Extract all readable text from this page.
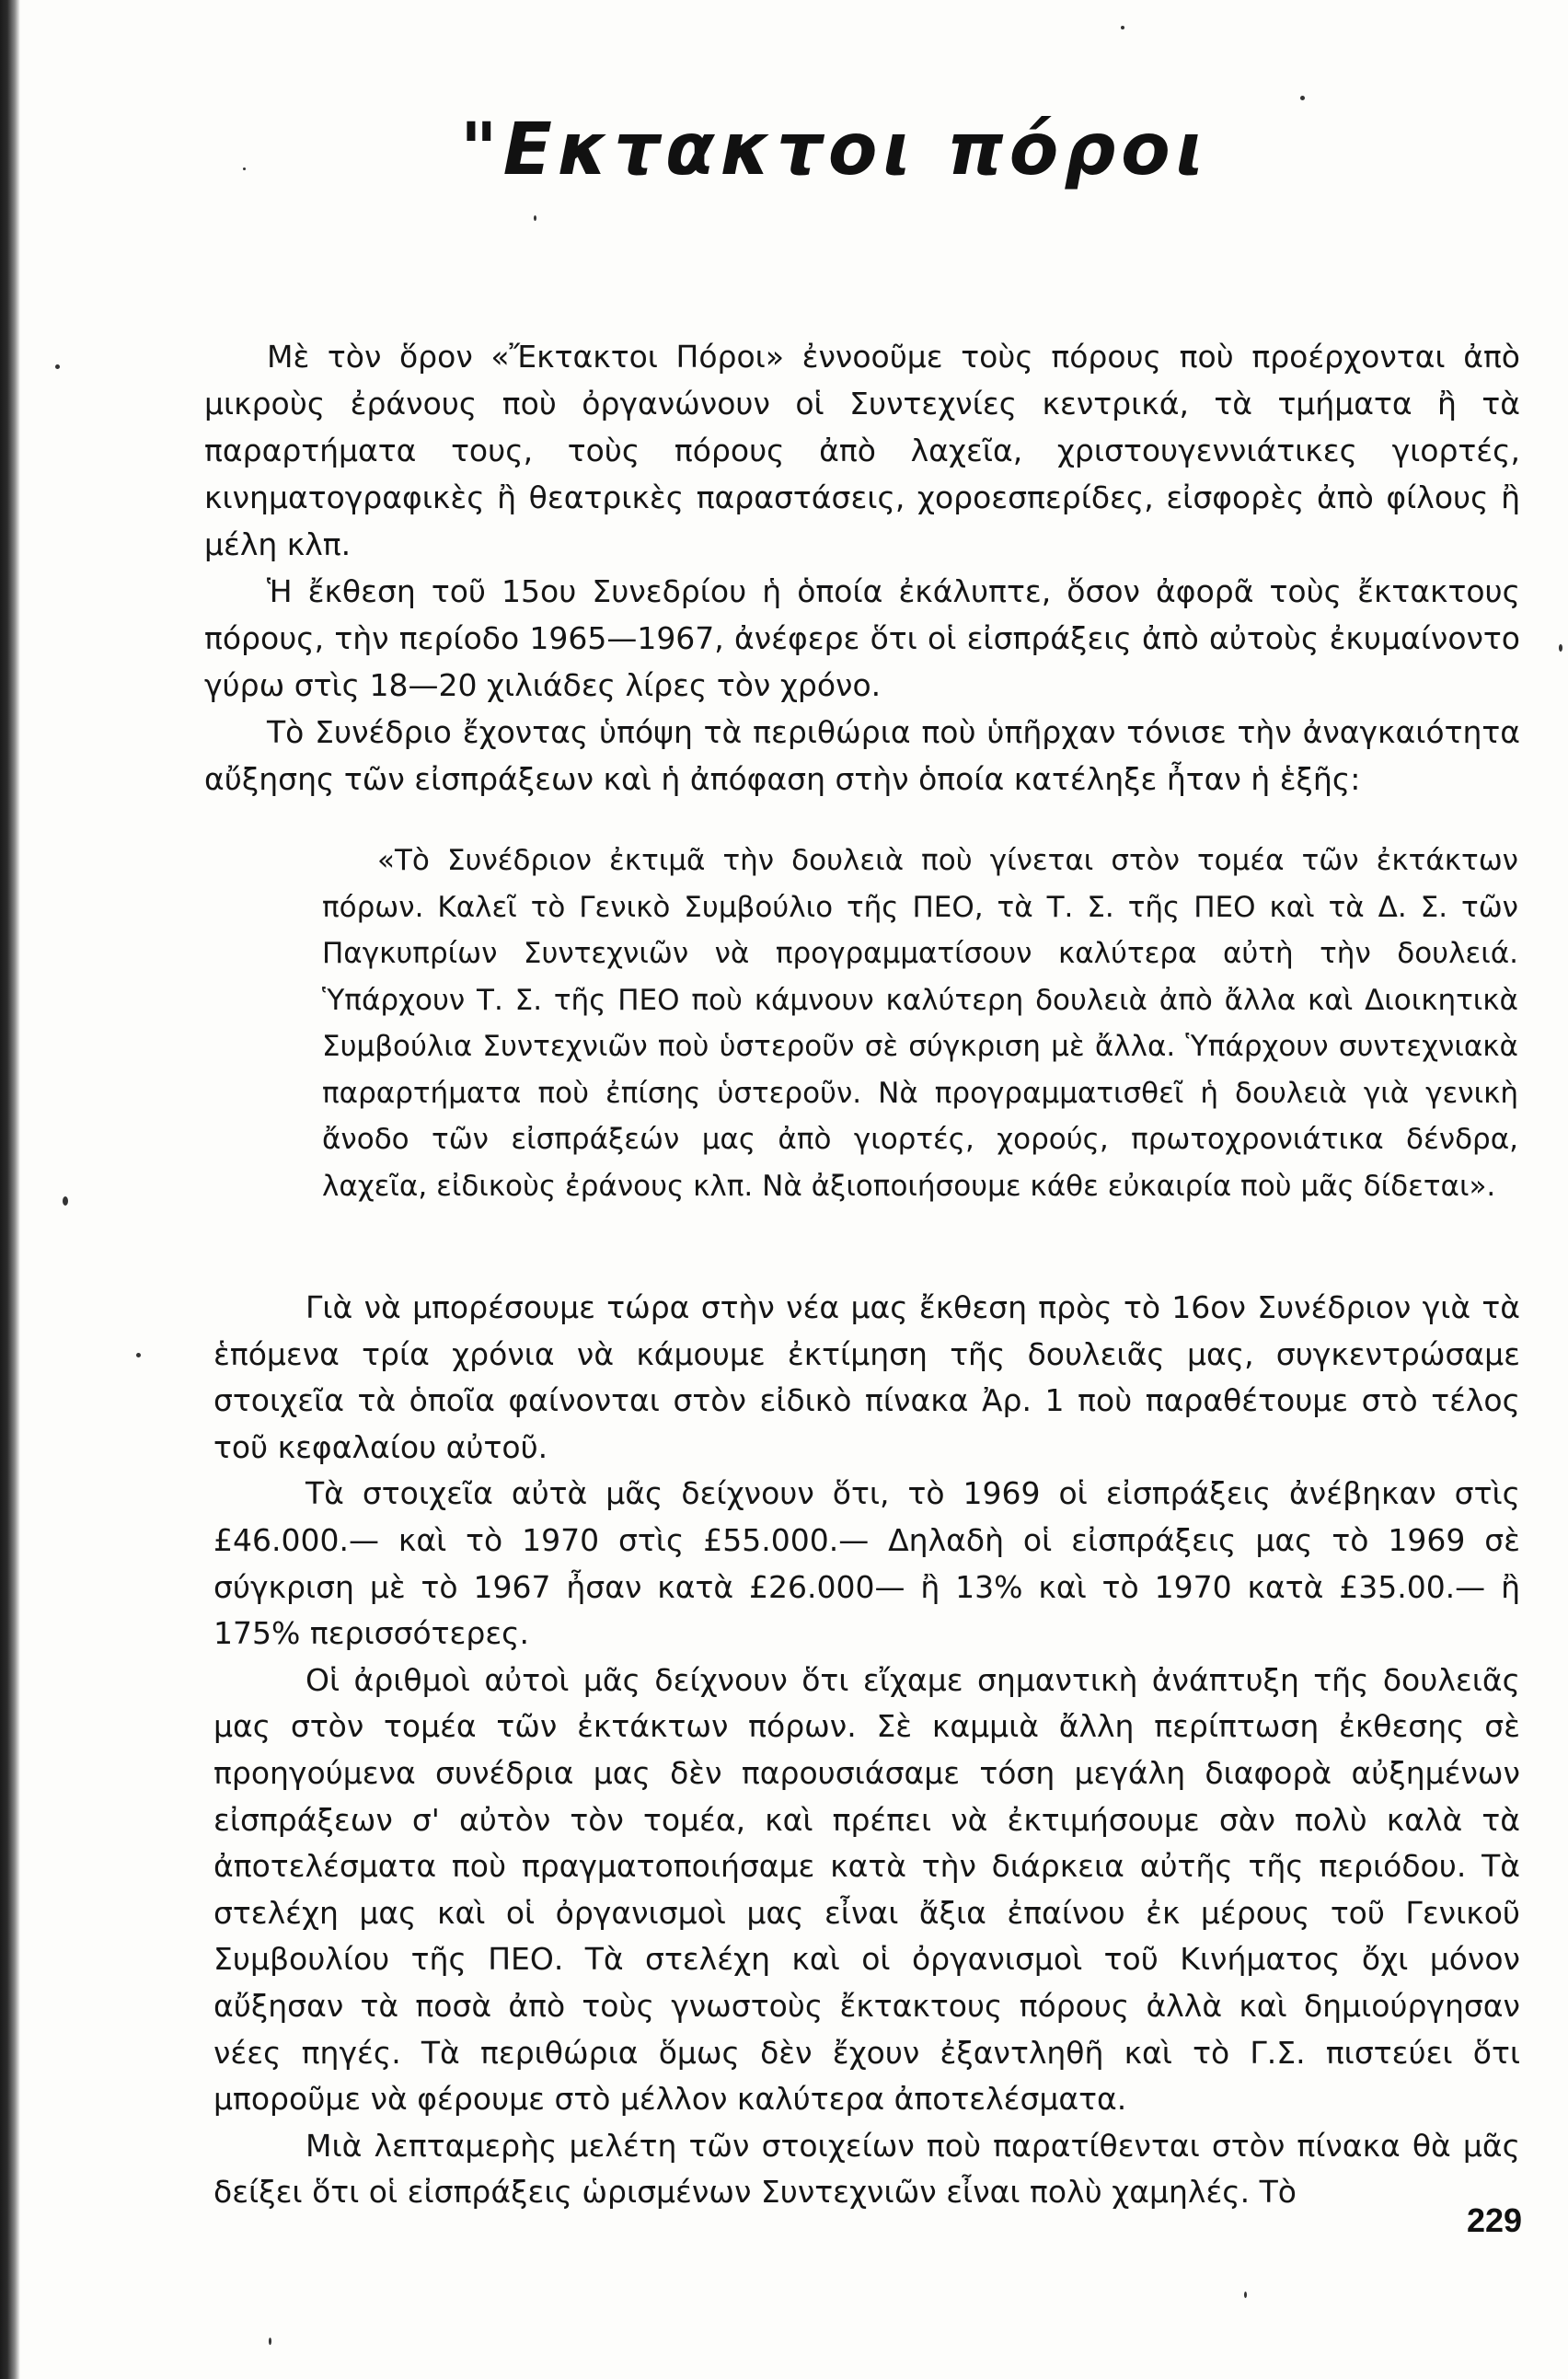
"Εκτακτοι πόροι

Μὲ τὸν ὅρον «Ἔκτακτοι Πόροι» ἐννοοῦμε τοὺς πόρους ποὺ προέρχονται ἀπὸ μικροὺς ἐράνους ποὺ ὀργανώνουν οἱ Συντεχνίες κεντρικά, τὰ τμήματα ἢ τὰ παραρτήματα τους, τοὺς πόρους ἀπὸ λαχεῖα, χριστουγεννιάτικες γιορτές, κινηματογραφικὲς ἢ θεατρικὲς παραστάσεις, χοροεσπερίδες, εἰσφορὲς ἀπὸ φίλους ἢ μέλη κλπ.

Ἡ ἔκθεση τοῦ 15ου Συνεδρίου ἡ ὁποία ἐκάλυπτε, ὅσον ἀφορᾶ τοὺς ἔκτακτους πόρους, τὴν περίοδο 1965—1967, ἀνέφερε ὅτι οἱ εἰσπράξεις ἀπὸ αὐτοὺς ἐκυμαίνοντο γύρω στὶς 18—20 χιλιάδες λίρες τὸν χρόνο.

Τὸ Συνέδριο ἔχοντας ὑπόψη τὰ περιθώρια ποὺ ὑπῆρχαν τόνισε τὴν ἀναγκαιότητα αὔξησης τῶν εἰσπράξεων καὶ ἡ ἀπόφαση στὴν ὁποία κατέληξε ἦταν ἡ ἑξῆς:

«Τὸ Συνέδριον ἐκτιμᾶ τὴν δουλειὰ ποὺ γίνεται στὸν τομέα τῶν ἐκτάκτων πόρων. Καλεῖ τὸ Γενικὸ Συμβούλιο τῆς ΠΕΟ, τὰ Τ. Σ. τῆς ΠΕΟ καὶ τὰ Δ. Σ. τῶν Παγκυπρίων Συντεχνιῶν νὰ προγραμματίσουν καλύτερα αὐτὴ τὴν δουλειά. Ὑπάρχουν Τ. Σ. τῆς ΠΕΟ ποὺ κάμνουν καλύτερη δουλειὰ ἀπὸ ἄλλα καὶ Διοικητικὰ Συμβούλια Συντεχνιῶν ποὺ ὑστεροῦν σὲ σύγκριση μὲ ἄλλα. Ὑπάρχουν συντεχνιακὰ παραρτήματα ποὺ ἐπίσης ὑστεροῦν. Νὰ προγραμματισθεῖ ἡ δουλειὰ γιὰ γενικὴ ἄνοδο τῶν εἰσπράξεών μας ἀπὸ γιορτές, χορούς, πρωτοχρονιάτικα δένδρα, λαχεῖα, εἰδικοὺς ἐράνους κλπ. Νὰ ἀξιοποιήσουμε κάθε εὐκαιρία ποὺ μᾶς δίδεται».

Γιὰ νὰ μπορέσουμε τώρα στὴν νέα μας ἔκθεση πρὸς τὸ 16ον Συνέδριον γιὰ τὰ ἑπόμενα τρία χρόνια νὰ κάμουμε ἐκτίμηση τῆς δουλειᾶς μας, συγκεντρώσαμε στοιχεῖα τὰ ὁποῖα φαίνονται στὸν εἰδικὸ πίνακα Ἀρ. 1 ποὺ παραθέτουμε στὸ τέλος τοῦ κεφαλαίου αὐτοῦ.

Τὰ στοιχεῖα αὐτὰ μᾶς δείχνουν ὅτι, τὸ 1969 οἱ εἰσπράξεις ἀνέβηκαν στὶς £46.000.— καὶ τὸ 1970 στὶς £55.000.— Δηλαδὴ οἱ εἰσπράξεις μας τὸ 1969 σὲ σύγκριση μὲ τὸ 1967 ἦσαν κατὰ £26.000— ἢ 13% καὶ τὸ 1970 κατὰ £35.00.— ἢ 175% περισσότερες.

Οἱ ἀριθμοὶ αὐτοὶ μᾶς δείχνουν ὅτι εἴχαμε σημαντικὴ ἀνάπτυξη τῆς δουλειᾶς μας στὸν τομέα τῶν ἐκτάκτων πόρων. Σὲ καμμιὰ ἄλλη περίπτωση ἐκθεσης σὲ προηγούμενα συνέδρια μας δὲν παρουσιάσαμε τόση μεγάλη διαφορὰ αὐξημένων εἰσπράξεων σ' αὐτὸν τὸν τομέα, καὶ πρέπει νὰ ἐκτιμήσουμε σὰν πολὺ καλὰ τὰ ἀποτελέσματα ποὺ πραγματοποιήσαμε κατὰ τὴν διάρκεια αὐτῆς τῆς περιόδου. Τὰ στελέχη μας καὶ οἱ ὀργανισμοὶ μας εἶναι ἄξια ἐπαίνου ἐκ μέρους τοῦ Γενικοῦ Συμβουλίου τῆς ΠΕΟ. Τὰ στελέχη καὶ οἱ ὀργανισμοὶ τοῦ Κινήματος ὄχι μόνον αὔξησαν τὰ ποσὰ ἀπὸ τοὺς γνωστοὺς ἔκτακτους πόρους ἀλλὰ καὶ δημιούργησαν νέες πηγές. Τὰ περιθώρια ὅμως δὲν ἔχουν ἐξαντληθῆ καὶ τὸ Γ.Σ. πιστεύει ὅτι μποροῦμε νὰ φέρουμε στὸ μέλλον καλύτερα ἀποτελέσματα.

Μιὰ λεπταμερὴς μελέτη τῶν στοιχείων ποὺ παρατίθενται στὸν πίνακα θὰ μᾶς δείξει ὅτι οἱ εἰσπράξεις ὡρισμένων Συντεχνιῶν εἶναι πολὺ χαμηλές. Τὸ

229
